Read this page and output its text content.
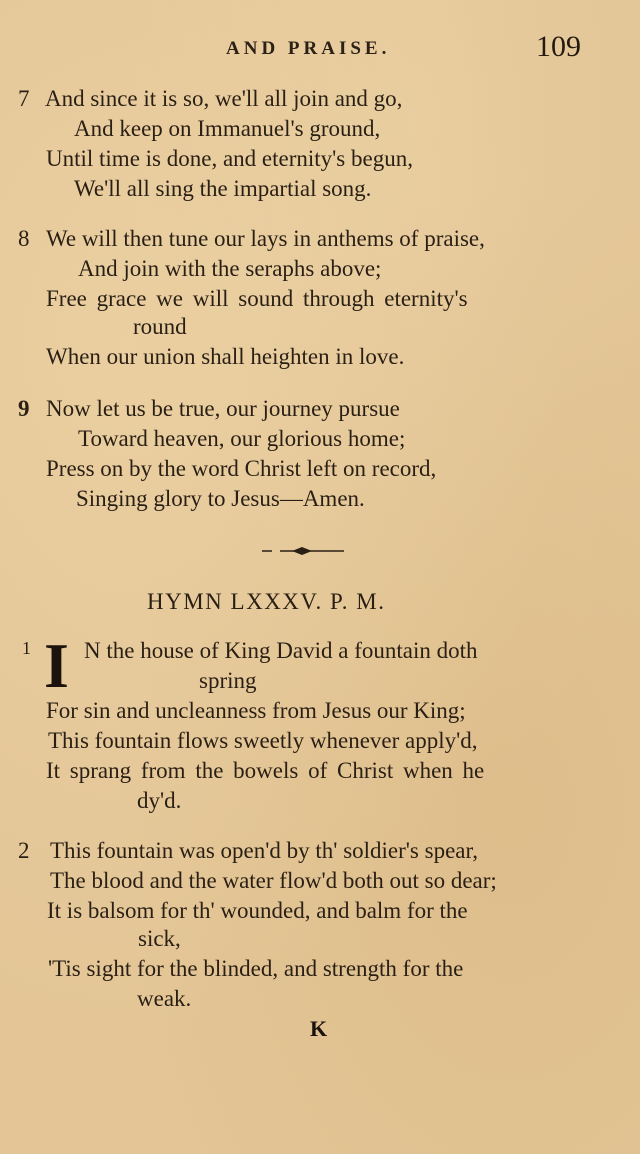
AND PRAISE.	109
7 And since it is so, we'll all join and go,
And keep on Immanuel's ground,
Until time is done, and eternity's begun,
We'll all sing the impartial song.
8 We will then tune our lays in anthems of praise,
And join with the seraphs above;
Free grace we will sound through eternity's
round
When our union shall heighten in love.
9 Now let us be true, our journey pursue
Toward heaven, our glorious home;
Press on by the word Christ left on record,
Singing glory to Jesus—Amen.
HYMN LXXXV. P. M.
1 I N the house of King David a fountain doth
spring
For sin and uncleanness from Jesus our King;
This fountain flows sweetly whenever apply'd,
It sprang from the bowels of Christ when he
dy'd.
2 This fountain was open'd by th' soldier's spear,
The blood and the water flow'd both out so dear;
It is balsom for th' wounded, and balm for the
sick,
'Tis sight for the blinded, and strength for the
weak.
K
